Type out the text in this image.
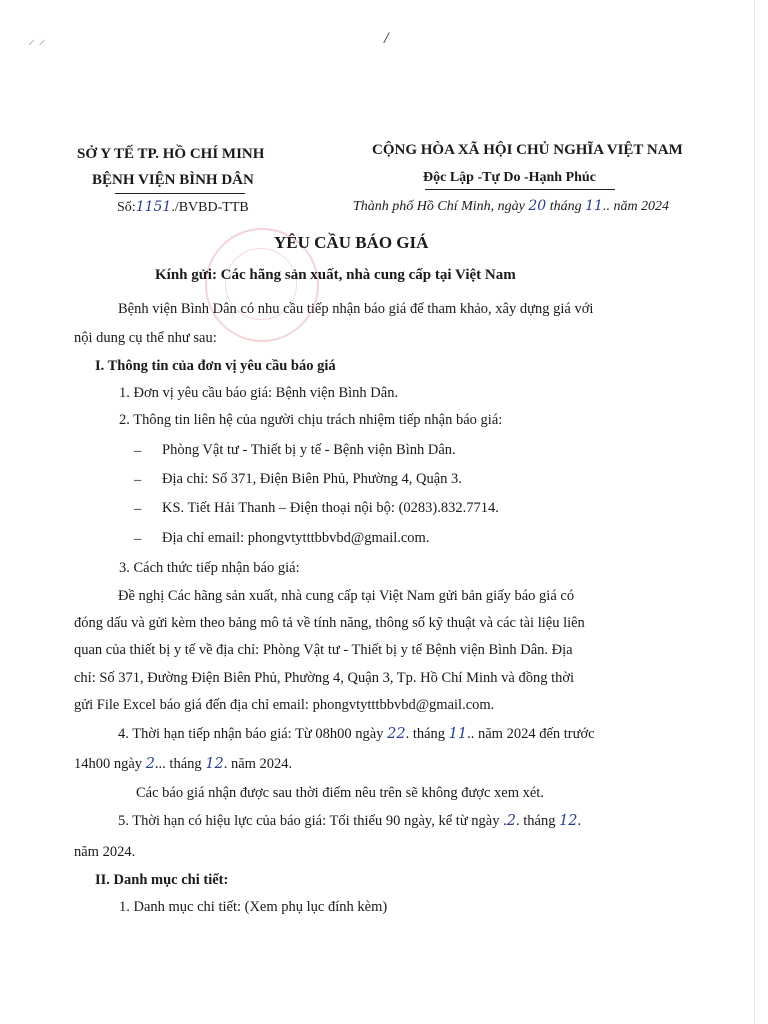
⸝ ⸝	/
SỞ Y TẾ TP. HỒ CHÍ MINH
BỆNH VIỆN BÌNH DÂN
Số:1151./BVBD-TTB
CỘNG HÒA XÃ HỘI CHỦ NGHĨA VIỆT NAM
Độc Lập -Tự Do -Hạnh Phúc
Thành phố Hồ Chí Minh, ngày 20 tháng 11.. năm 2024
YÊU CẦU BÁO GIÁ
Kính gửi: Các hãng sản xuất, nhà cung cấp tại Việt Nam
Bệnh viện Bình Dân có nhu cầu tiếp nhận báo giá để tham khảo, xây dựng giá với
nội dung cụ thể như sau:
I. Thông tin của đơn vị yêu cầu báo giá
1. Đơn vị yêu cầu báo giá: Bệnh viện Bình Dân.
2. Thông tin liên hệ của người chịu trách nhiệm tiếp nhận báo giá:
– Phòng Vật tư - Thiết bị y tế - Bệnh viện Bình Dân.
– Địa chỉ: Số 371, Điện Biên Phủ, Phường 4, Quận 3.
– KS. Tiết Hải Thanh – Điện thoại nội bộ: (0283).832.7714.
– Địa chỉ email: phongvtytttbbvbd@gmail.com.
3. Cách thức tiếp nhận báo giá:
Đề nghị Các hãng sản xuất, nhà cung cấp tại Việt Nam gửi bản giấy báo giá có
đóng dấu và gửi kèm theo bảng mô tả về tính năng, thông số kỹ thuật và các tài liệu liên
quan của thiết bị y tế về địa chỉ: Phòng Vật tư - Thiết bị y tế Bệnh viện Bình Dân. Địa
chỉ: Số 371, Đường Điện Biên Phủ, Phường 4, Quận 3, Tp. Hồ Chí Minh và đồng thời
gửi File Excel báo giá đến địa chỉ email: phongvtytttbbvbd@gmail.com.
4. Thời hạn tiếp nhận báo giá: Từ 08h00 ngày 22. tháng 11.. năm 2024 đến trước
14h00 ngày 2... tháng 12. năm 2024.
Các báo giá nhận được sau thời điểm nêu trên sẽ không được xem xét.
5. Thời hạn có hiệu lực của báo giá: Tối thiểu 90 ngày, kể từ ngày .2. tháng 12.
năm 2024.
II. Danh mục chi tiết:
1. Danh mục chi tiết: (Xem phụ lục đính kèm)
